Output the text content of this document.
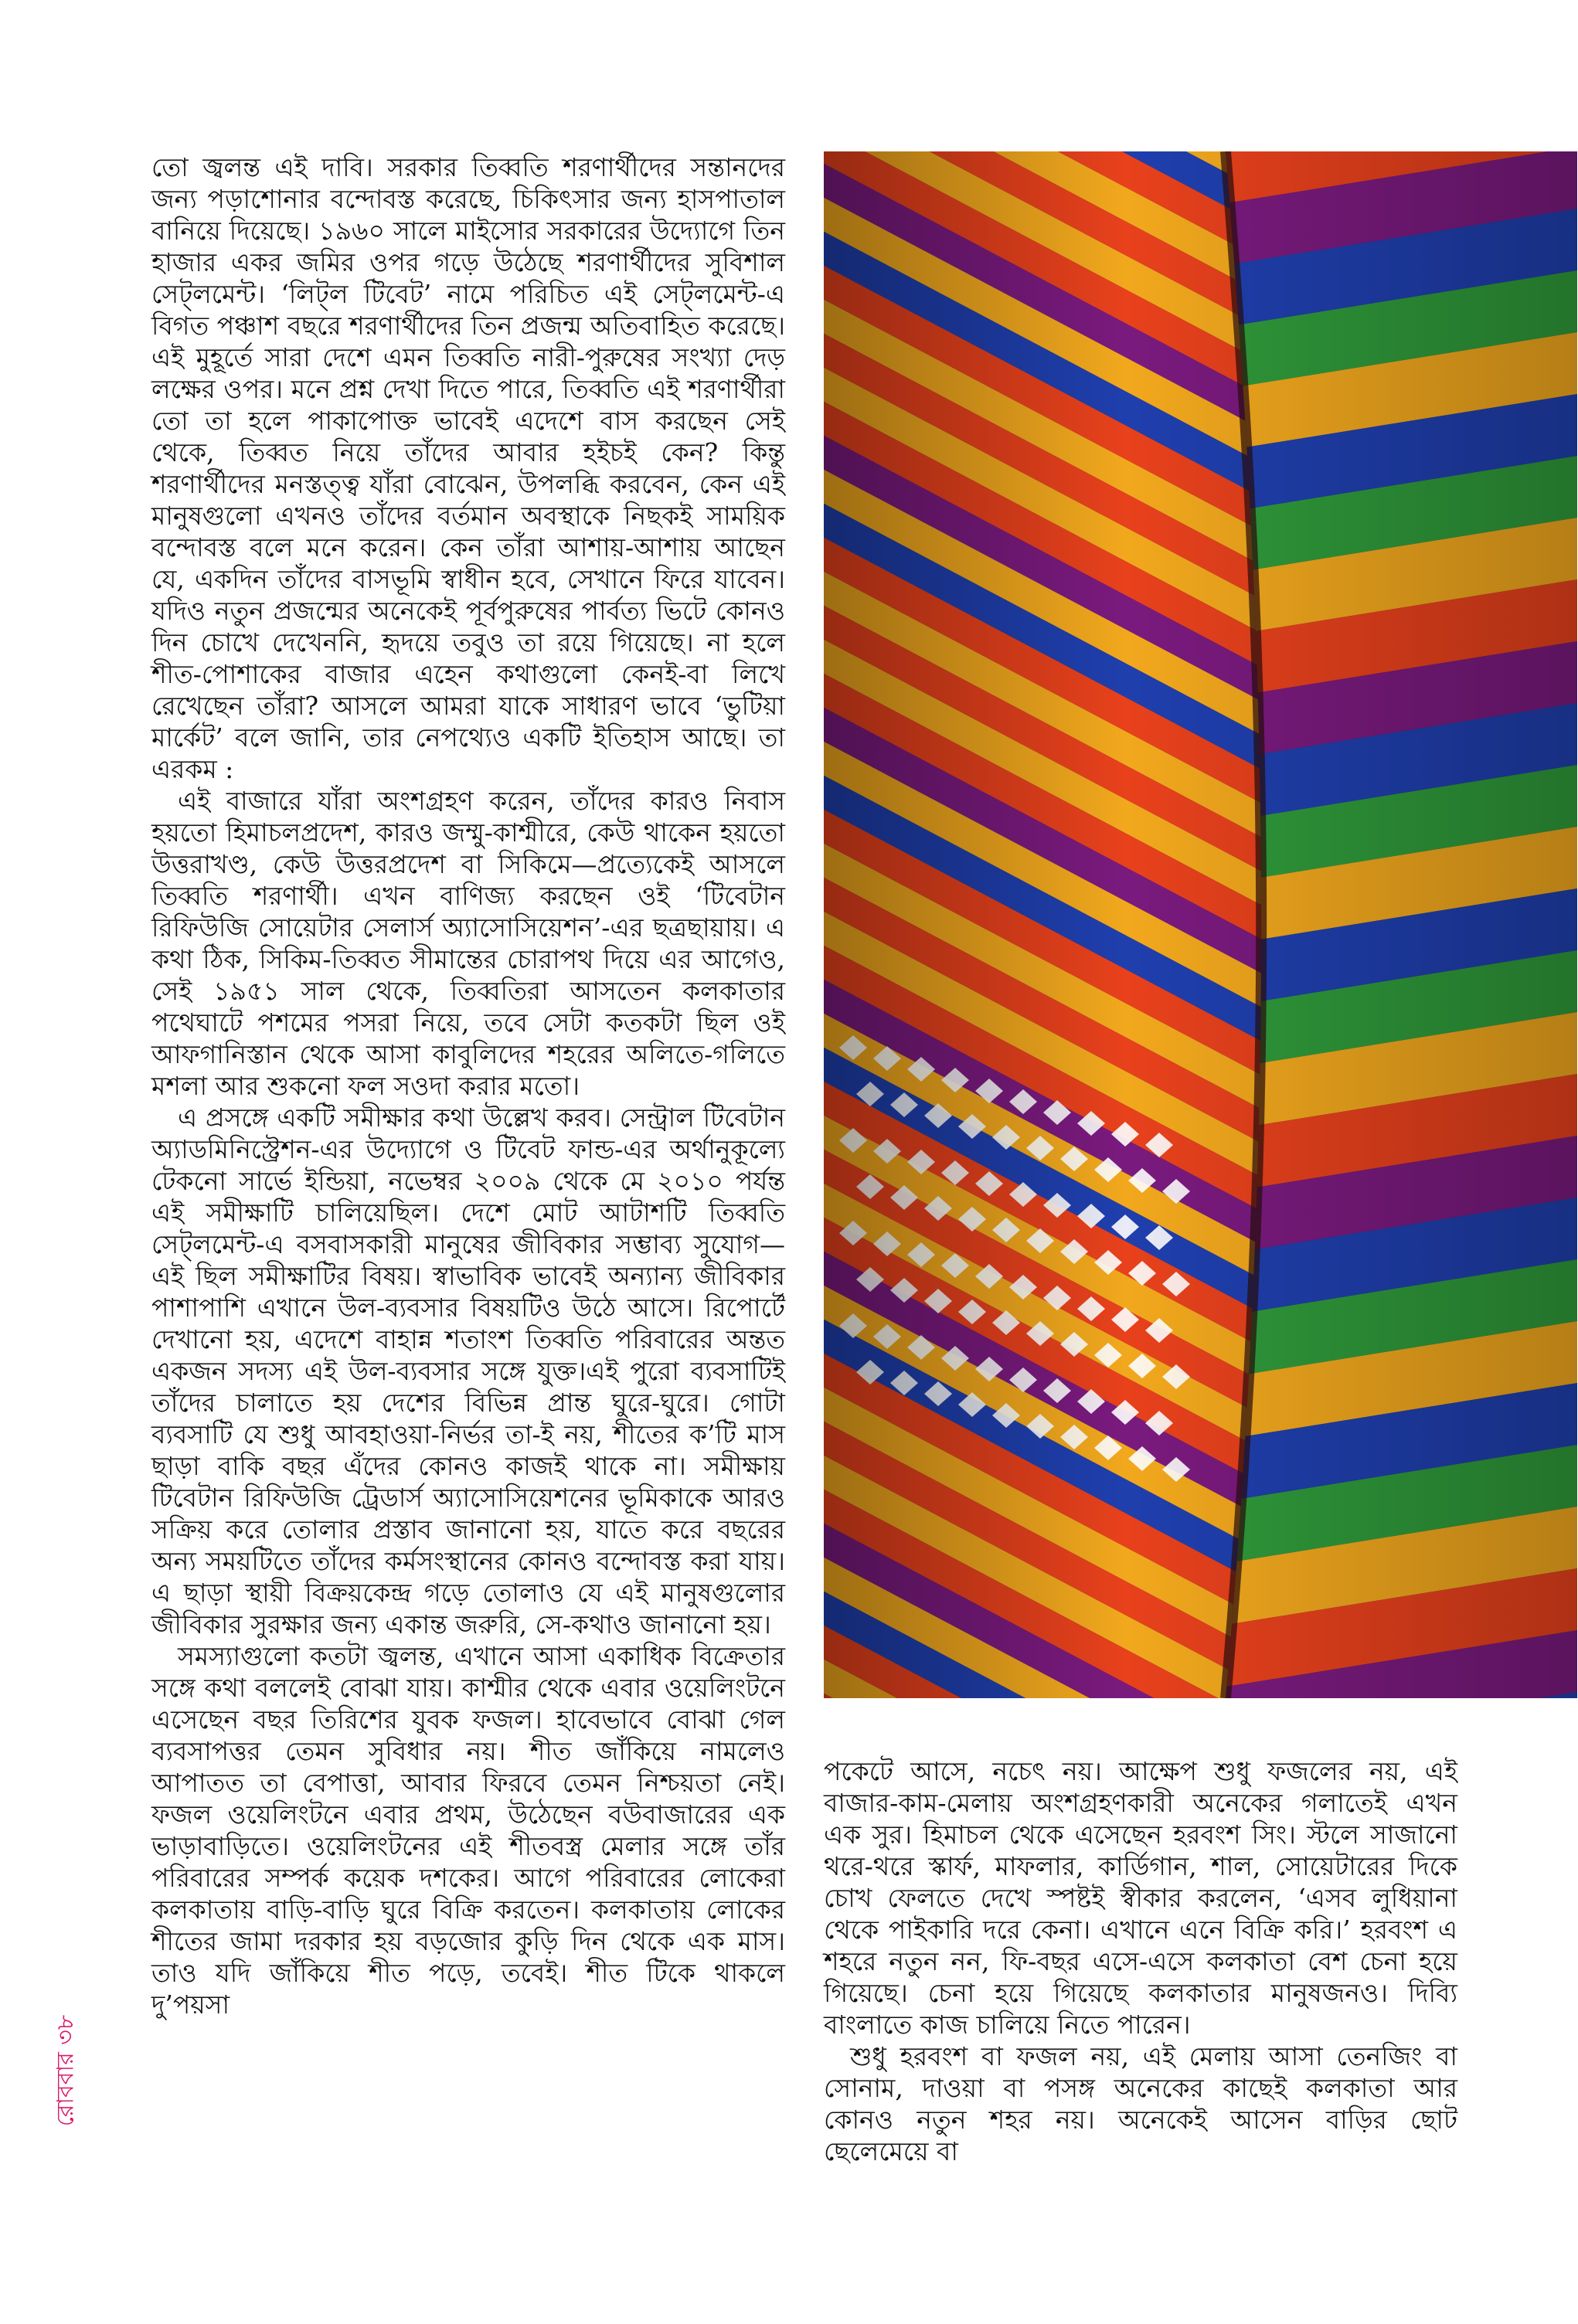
তো জ্বলন্ত এই দাবি। সরকার তিব্বতি শরণার্থীদের সন্তানদের জন্য পড়াশোনার বন্দোবস্ত করেছে, চিকিৎসার জন্য হাসপাতাল বানিয়ে দিয়েছে। ১৯৬০ সালে মাইসোর সরকারের উদ্যোগে তিন হাজার একর জমির ওপর গড়ে উঠেছে শরণার্থীদের সুবিশাল সেট্‌লমেন্ট। ‘লিট্‌ল টিবেট’ নামে পরিচিত এই সেট্‌লমেন্ট-এ বিগত পঞ্চাশ বছরে শরণার্থীদের তিন প্রজন্ম অতিবাহিত করেছে। এই মুহূর্তে সারা দেশে এমন তিব্বতি নারী-পুরুষের সংখ্যা দেড় লক্ষের ওপর। মনে প্রশ্ন দেখা দিতে পারে, তিব্বতি এই শরণার্থীরা তো তা হলে পাকাপোক্ত ভাবেই এদেশে বাস করছেন সেই থেকে, তিব্বত নিয়ে তাঁদের আবার হইচই কেন? কিন্তু শরণার্থীদের মনস্তত্ত্ব যাঁরা বোঝেন, উপলব্ধি করবেন, কেন এই মানুষগুলো এখনও তাঁদের বর্তমান অবস্থাকে নিছকই সাময়িক বন্দোবস্ত বলে মনে করেন। কেন তাঁরা আশায়-আশায় আছেন যে, একদিন তাঁদের বাসভূমি স্বাধীন হবে, সেখানে ফিরে যাবেন। যদিও নতুন প্রজন্মের অনেকেই পূর্বপুরুষের পার্বত্য ভিটে কোনও দিন চোখে দেখেননি, হৃদয়ে তবুও তা রয়ে গিয়েছে। না হলে শীত-পোশাকের বাজার এহেন কথাগুলো কেনই-বা লিখে রেখেছেন তাঁরা? আসলে আমরা যাকে সাধারণ ভাবে ‘ভুটিয়া মার্কেট’ বলে জানি, তার নেপথ্যেও একটি ইতিহাস আছে। তা এরকম :

এই বাজারে যাঁরা অংশগ্রহণ করেন, তাঁদের কারও নিবাস হয়তো হিমাচলপ্রদেশ, কারও জম্মু-কাশ্মীরে, কেউ থাকেন হয়তো উত্তরাখণ্ড, কেউ উত্তরপ্রদেশ বা সিকিমে—প্রত্যেকেই আসলে তিব্বতি শরণার্থী। এখন বাণিজ্য করছেন ওই ‘টিবেটান রিফিউজি সোয়েটার সেলার্স অ্যাসোসিয়েশন’-এর ছত্রছায়ায়। এ কথা ঠিক, সিকিম-তিব্বত সীমান্তের চোরাপথ দিয়ে এর আগেও, সেই ১৯৫১ সাল থেকে, তিব্বতিরা আসতেন কলকাতার পথেঘাটে পশমের পসরা নিয়ে, তবে সেটা কতকটা ছিল ওই আফগানিস্তান থেকে আসা কাবুলিদের শহরের অলিতে-গলিতে মশলা আর শুকনো ফল সওদা করার মতো।

এ প্রসঙ্গে একটি সমীক্ষার কথা উল্লেখ করব। সেন্ট্রাল টিবেটান অ্যাডমিনিস্ট্রেশন-এর উদ্যোগে ও টিবেট ফান্ড-এর অর্থানুকূল্যে টেকনো সার্ভে ইন্ডিয়া, নভেম্বর ২০০৯ থেকে মে ২০১০ পর্যন্ত এই সমীক্ষাটি চালিয়েছিল। দেশে মোট আটাশটি তিব্বতি সেট্‌লমেন্ট-এ বসবাসকারী মানুষের জীবিকার সম্ভাব্য সুযোগ—এই ছিল সমীক্ষাটির বিষয়। স্বাভাবিক ভাবেই অন্যান্য জীবিকার পাশাপাশি এখানে উল-ব্যবসার বিষয়টিও উঠে আসে। রিপোর্টে দেখানো হয়, এদেশে বাহান্ন শতাংশ তিব্বতি পরিবারের অন্তত একজন সদস্য এই উল-ব্যবসার সঙ্গে যুক্ত।এই পুরো ব্যবসাটিই তাঁদের চালাতে হয় দেশের বিভিন্ন প্রান্ত ঘুরে-ঘুরে। গোটা ব্যবসাটি যে শুধু আবহাওয়া-নির্ভর তা-ই নয়, শীতের ক’টি মাস ছাড়া বাকি বছর এঁদের কোনও কাজই থাকে না। সমীক্ষায় টিবেটান রিফিউজি ট্রেডার্স অ্যাসোসিয়েশনের ভূমিকাকে আরও সক্রিয় করে তোলার প্রস্তাব জানানো হয়, যাতে করে বছরের অন্য সময়টিতে তাঁদের কর্মসংস্থানের কোনও বন্দোবস্ত করা যায়। এ ছাড়া স্থায়ী বিক্রয়কেন্দ্র গড়ে তোলাও যে এই মানুষগুলোর জীবিকার সুরক্ষার জন্য একান্ত জরুরি, সে-কথাও জানানো হয়।

সমস্যাগুলো কতটা জ্বলন্ত, এখানে আসা একাধিক বিক্রেতার সঙ্গে কথা বললেই বোঝা যায়। কাশ্মীর থেকে এবার ওয়েলিংটনে এসেছেন বছর তিরিশের যুবক ফজল। হাবেভাবে বোঝা গেল ব্যবসাপত্তর তেমন সুবিধার নয়। শীত জাঁকিয়ে নামলেও আপাতত তা বেপাত্তা, আবার ফিরবে তেমন নিশ্চয়তা নেই। ফজল ওয়েলিংটনে এবার প্রথম, উঠেছেন বউবাজারের এক ভাড়াবাড়িতে। ওয়েলিংটনের এই শীতবস্ত্র মেলার সঙ্গে তাঁর পরিবারের সম্পর্ক কয়েক দশকের। আগে পরিবারের লোকেরা কলকাতায় বাড়ি-বাড়ি ঘুরে বিক্রি করতেন। কলকাতায় লোকের শীতের জামা দরকার হয় বড়জোর কুড়ি দিন থেকে এক মাস। তাও যদি জাঁকিয়ে শীত পড়ে, তবেই। শীত টিকে থাকলে দু’পয়সা

পকেটে আসে, নচেৎ নয়। আক্ষেপ শুধু ফজলের নয়, এই বাজার-কাম-মেলায় অংশগ্রহণকারী অনেকের গলাতেই এখন এক সুর। হিমাচল থেকে এসেছেন হরবংশ সিং। স্টলে সাজানো থরে-থরে স্কার্ফ, মাফলার, কার্ডিগান, শাল, সোয়েটারের দিকে চোখ ফেলতে দেখে স্পষ্টই স্বীকার করলেন, ‘এসব লুধিয়ানা থেকে পাইকারি দরে কেনা। এখানে এনে বিক্রি করি।’ হরবংশ এ শহরে নতুন নন, ফি-বছর এসে-এসে কলকাতা বেশ চেনা হয়ে গিয়েছে। চেনা হয়ে গিয়েছে কলকাতার মানুষজনও। দিব্যি বাংলাতে কাজ চালিয়ে নিতে পারেন।

শুধু হরবংশ বা ফজল নয়, এই মেলায় আসা তেনজিং বা সোনাম, দাওয়া বা পসঙ্গ অনেকের কাছেই কলকাতা আর কোনও নতুন শহর নয়। অনেকেই আসেন বাড়ির ছোট ছেলেমেয়ে বা

রোববার ৩৮
